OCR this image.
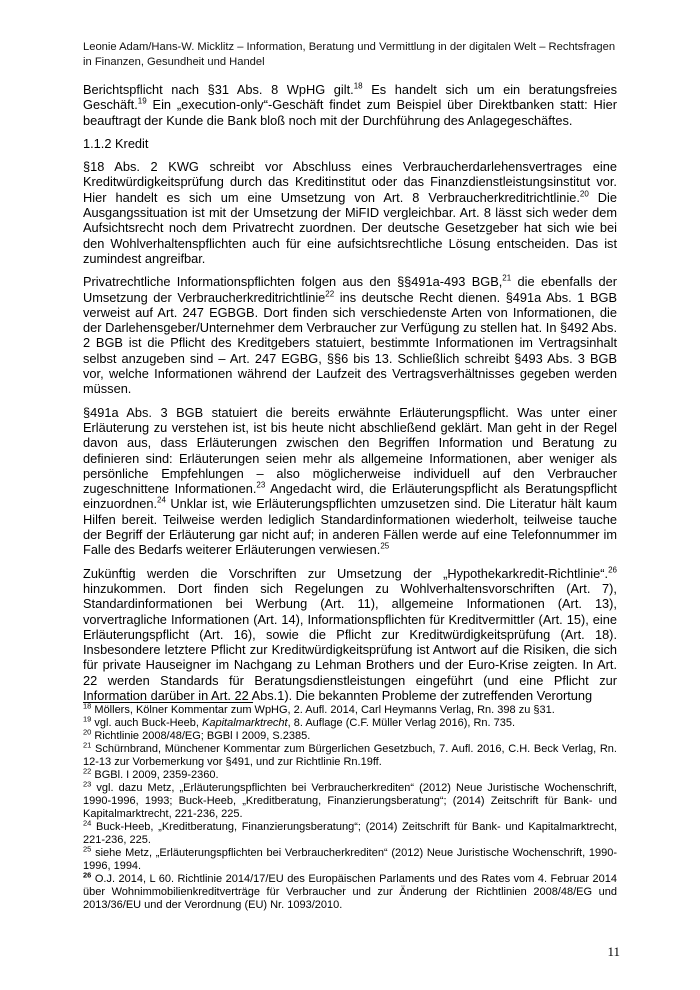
Leonie Adam/Hans-W. Micklitz – Information, Beratung und Vermittlung in der digitalen Welt – Rechtsfragen in Finanzen, Gesundheit und Handel

Berichtspflicht nach §31 Abs. 8 WpHG gilt.$^{18}$ Es handelt sich um ein beratungsfreies Geschäft.$^{19}$ Ein „execution-only“-Geschäft findet zum Beispiel über Direktbanken statt: Hier beauftragt der Kunde die Bank bloß noch mit der Durchführung des Anlagegeschäftes.

1.1.2 Kredit

§18 Abs. 2 KWG schreibt vor Abschluss eines Verbraucherdarlehensvertrages eine Kreditwürdigkeitsprüfung durch das Kreditinstitut oder das Finanzdienstleistungsinstitut vor. Hier handelt es sich um eine Umsetzung von Art. 8 Verbraucherkreditrichtlinie.$^{20}$ Die Ausgangssituation ist mit der Umsetzung der MiFID vergleichbar. Art. 8 lässt sich weder dem Aufsichtsrecht noch dem Privatrecht zuordnen. Der deutsche Gesetzgeber hat sich wie bei den Wohlverhaltenspflichten auch für eine aufsichtsrechtliche Lösung entscheiden. Das ist zumindest angreifbar.

Privatrechtliche Informationspflichten folgen aus den §§491a-493 BGB,$^{21}$ die ebenfalls der Umsetzung der Verbraucherkreditrichtlinie$^{22}$ ins deutsche Recht dienen. §491a Abs. 1 BGB verweist auf Art. 247 EGBGB. Dort finden sich verschiedenste Arten von Informationen, die der Darlehensgeber/Unternehmer dem Verbraucher zur Verfügung zu stellen hat. In §492 Abs. 2 BGB ist die Pflicht des Kreditgebers statuiert, bestimmte Informationen im Vertragsinhalt selbst anzugeben sind – Art. 247 EGBG, §§6 bis 13. Schließlich schreibt §493 Abs. 3 BGB vor, welche Informationen während der Laufzeit des Vertragsverhältnisses gegeben werden müssen.

§491a Abs. 3 BGB statuiert die bereits erwähnte Erläuterungspflicht. Was unter einer Erläuterung zu verstehen ist, ist bis heute nicht abschließend geklärt. Man geht in der Regel davon aus, dass Erläuterungen zwischen den Begriffen Information und Beratung zu definieren sind: Erläuterungen seien mehr als allgemeine Informationen, aber weniger als persönliche Empfehlungen – also möglicherweise individuell auf den Verbraucher zugeschnittene Informationen.$^{23}$ Angedacht wird, die Erläuterungspflicht als Beratungspflicht einzuordnen.$^{24}$ Unklar ist, wie Erläuterungspflichten umzusetzen sind. Die Literatur hält kaum Hilfen bereit. Teilweise werden lediglich Standardinformationen wiederholt, teilweise tauche der Begriff der Erläuterung gar nicht auf; in anderen Fällen werde auf eine Telefonnummer im Falle des Bedarfs weiterer Erläuterungen verwiesen.$^{25}$

Zukünftig werden die Vorschriften zur Umsetzung der „Hypothekarkredit-Richtlinie“.$^{26}$ hinzukommen. Dort finden sich Regelungen zu Wohlverhaltensvorschriften (Art. 7), Standardinformationen bei Werbung (Art. 11), allgemeine Informationen (Art. 13), vorvertragliche Informationen (Art. 14), Informationspflichten für Kreditvermittler (Art. 15), eine Erläuterungspflicht (Art. 16), sowie die Pflicht zur Kreditwürdigkeitsprüfung (Art. 18). Insbesondere letztere Pflicht zur Kreditwürdigkeitsprüfung ist Antwort auf die Risiken, die sich für private Hauseigner im Nachgang zu Lehman Brothers und der Euro-Krise zeigten. In Art. 22 werden Standards für Beratungsdienstleistungen eingeführt (und eine Pflicht zur Information darüber in Art. 22 Abs.1). Die bekannten Probleme der zutreffenden Verortung

$^{18}$ Möllers, Kölner Kommentar zum WpHG, 2. Aufl. 2014, Carl Heymanns Verlag, Rn. 398 zu §31.

$^{19}$ vgl. auch Buck-Heeb, Kapitalmarktrecht, 8. Auflage (C.F. Müller Verlag 2016), Rn. 735.

$^{20}$ Richtlinie 2008/48/EG; BGBl I 2009, S.2385.

$^{21}$ Schürnbrand, Münchener Kommentar zum Bürgerlichen Gesetzbuch, 7. Aufl. 2016, C.H. Beck Verlag, Rn. 12-13 zur Vorbemerkung vor §491, und zur Richtlinie Rn.19ff.

$^{22}$ BGBl. I 2009, 2359-2360.

$^{23}$ vgl. dazu Metz, „Erläuterungspflichten bei Verbraucherkrediten“ (2012) Neue Juristische Wochenschrift, 1990-1996, 1993; Buck-Heeb, „Kreditberatung, Finanzierungsberatung“; (2014) Zeitschrift für Bank- und Kapitalmarktrecht, 221-236, 225.

$^{24}$ Buck-Heeb, „Kreditberatung, Finanzierungsberatung“; (2014) Zeitschrift für Bank- und Kapitalmarktrecht, 221-236, 225.

$^{25}$ siehe Metz, „Erläuterungspflichten bei Verbraucherkrediten“ (2012) Neue Juristische Wochenschrift, 1990-1996, 1994.

$^{26}$ O.J. 2014, L 60. Richtlinie 2014/17/EU des Europäischen Parlaments und des Rates vom 4. Februar 2014 über Wohnimmobilienkreditverträge für Verbraucher und zur Änderung der Richtlinien 2008/48/EG und 2013/36/EU und der Verordnung (EU) Nr. 1093/2010.

11
